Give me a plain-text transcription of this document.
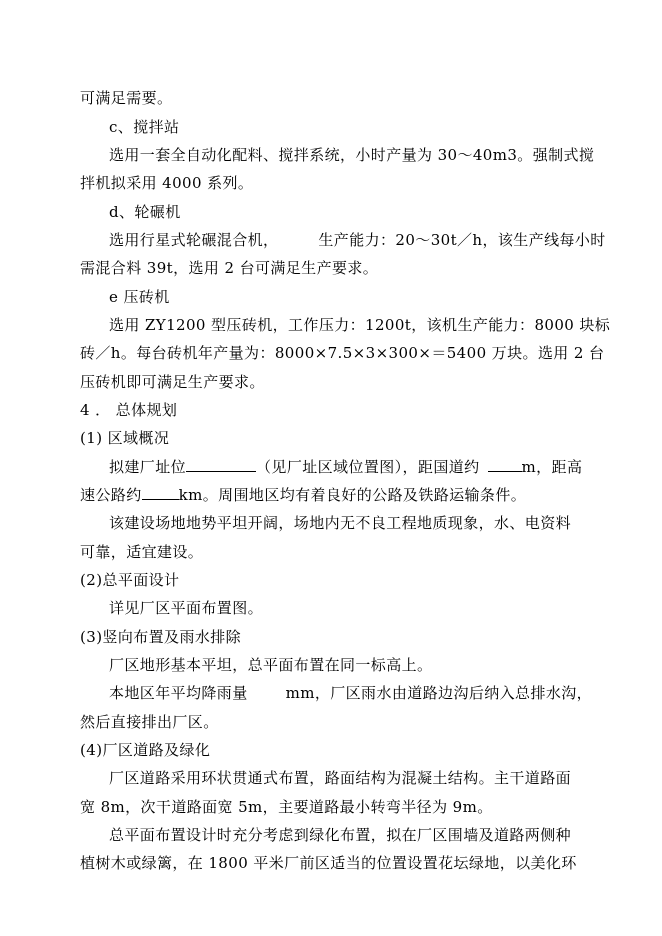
可满足需要。
c、搅拌站
选用一套全自动化配料、搅拌系统，小时产量为 30～40m3。强制式搅
拌机拟采用 4000 系列。
d、轮碾机
选用行星式轮碾混合机，	生产能力：20～30t／h，该生产线每小时
需混合料 39t，选用 2 台可满足生产要求。
e 压砖机
选用 ZY1200 型压砖机，工作压力：1200t，该机生产能力：8000 块标
砖／h。每台砖机年产量为：8000×7.5×3×300×＝5400 万块。选用 2 台
压砖机即可满足生产要求。
4 ． 总体规划
(1) 区域概况
拟建厂址位	（见厂址区域位置图），距国道约	m，距高
速公路约 km。周围地区均有着良好的公路及铁路运输条件。
该建设场地地势平坦开阔，场地内无不良工程地质现象，水、电资料
可靠，适宜建设。
(2)总平面设计
详见厂区平面布置图。
(3)竖向布置及雨水排除
厂区地形基本平坦，总平面布置在同一标高上。
本地区年平均降雨量	mm，厂区雨水由道路边沟后纳入总排水沟，
然后直接排出厂区。
(4)厂区道路及绿化
厂区道路采用环状贯通式布置，路面结构为混凝土结构。主干道路面
宽 8m，次干道路面宽 5m，主要道路最小转弯半径为 9m。
总平面布置设计时充分考虑到绿化布置，拟在厂区围墙及道路两侧种
植树木或绿篱，在 1800 平米厂前区适当的位置设置花坛绿地，以美化环
